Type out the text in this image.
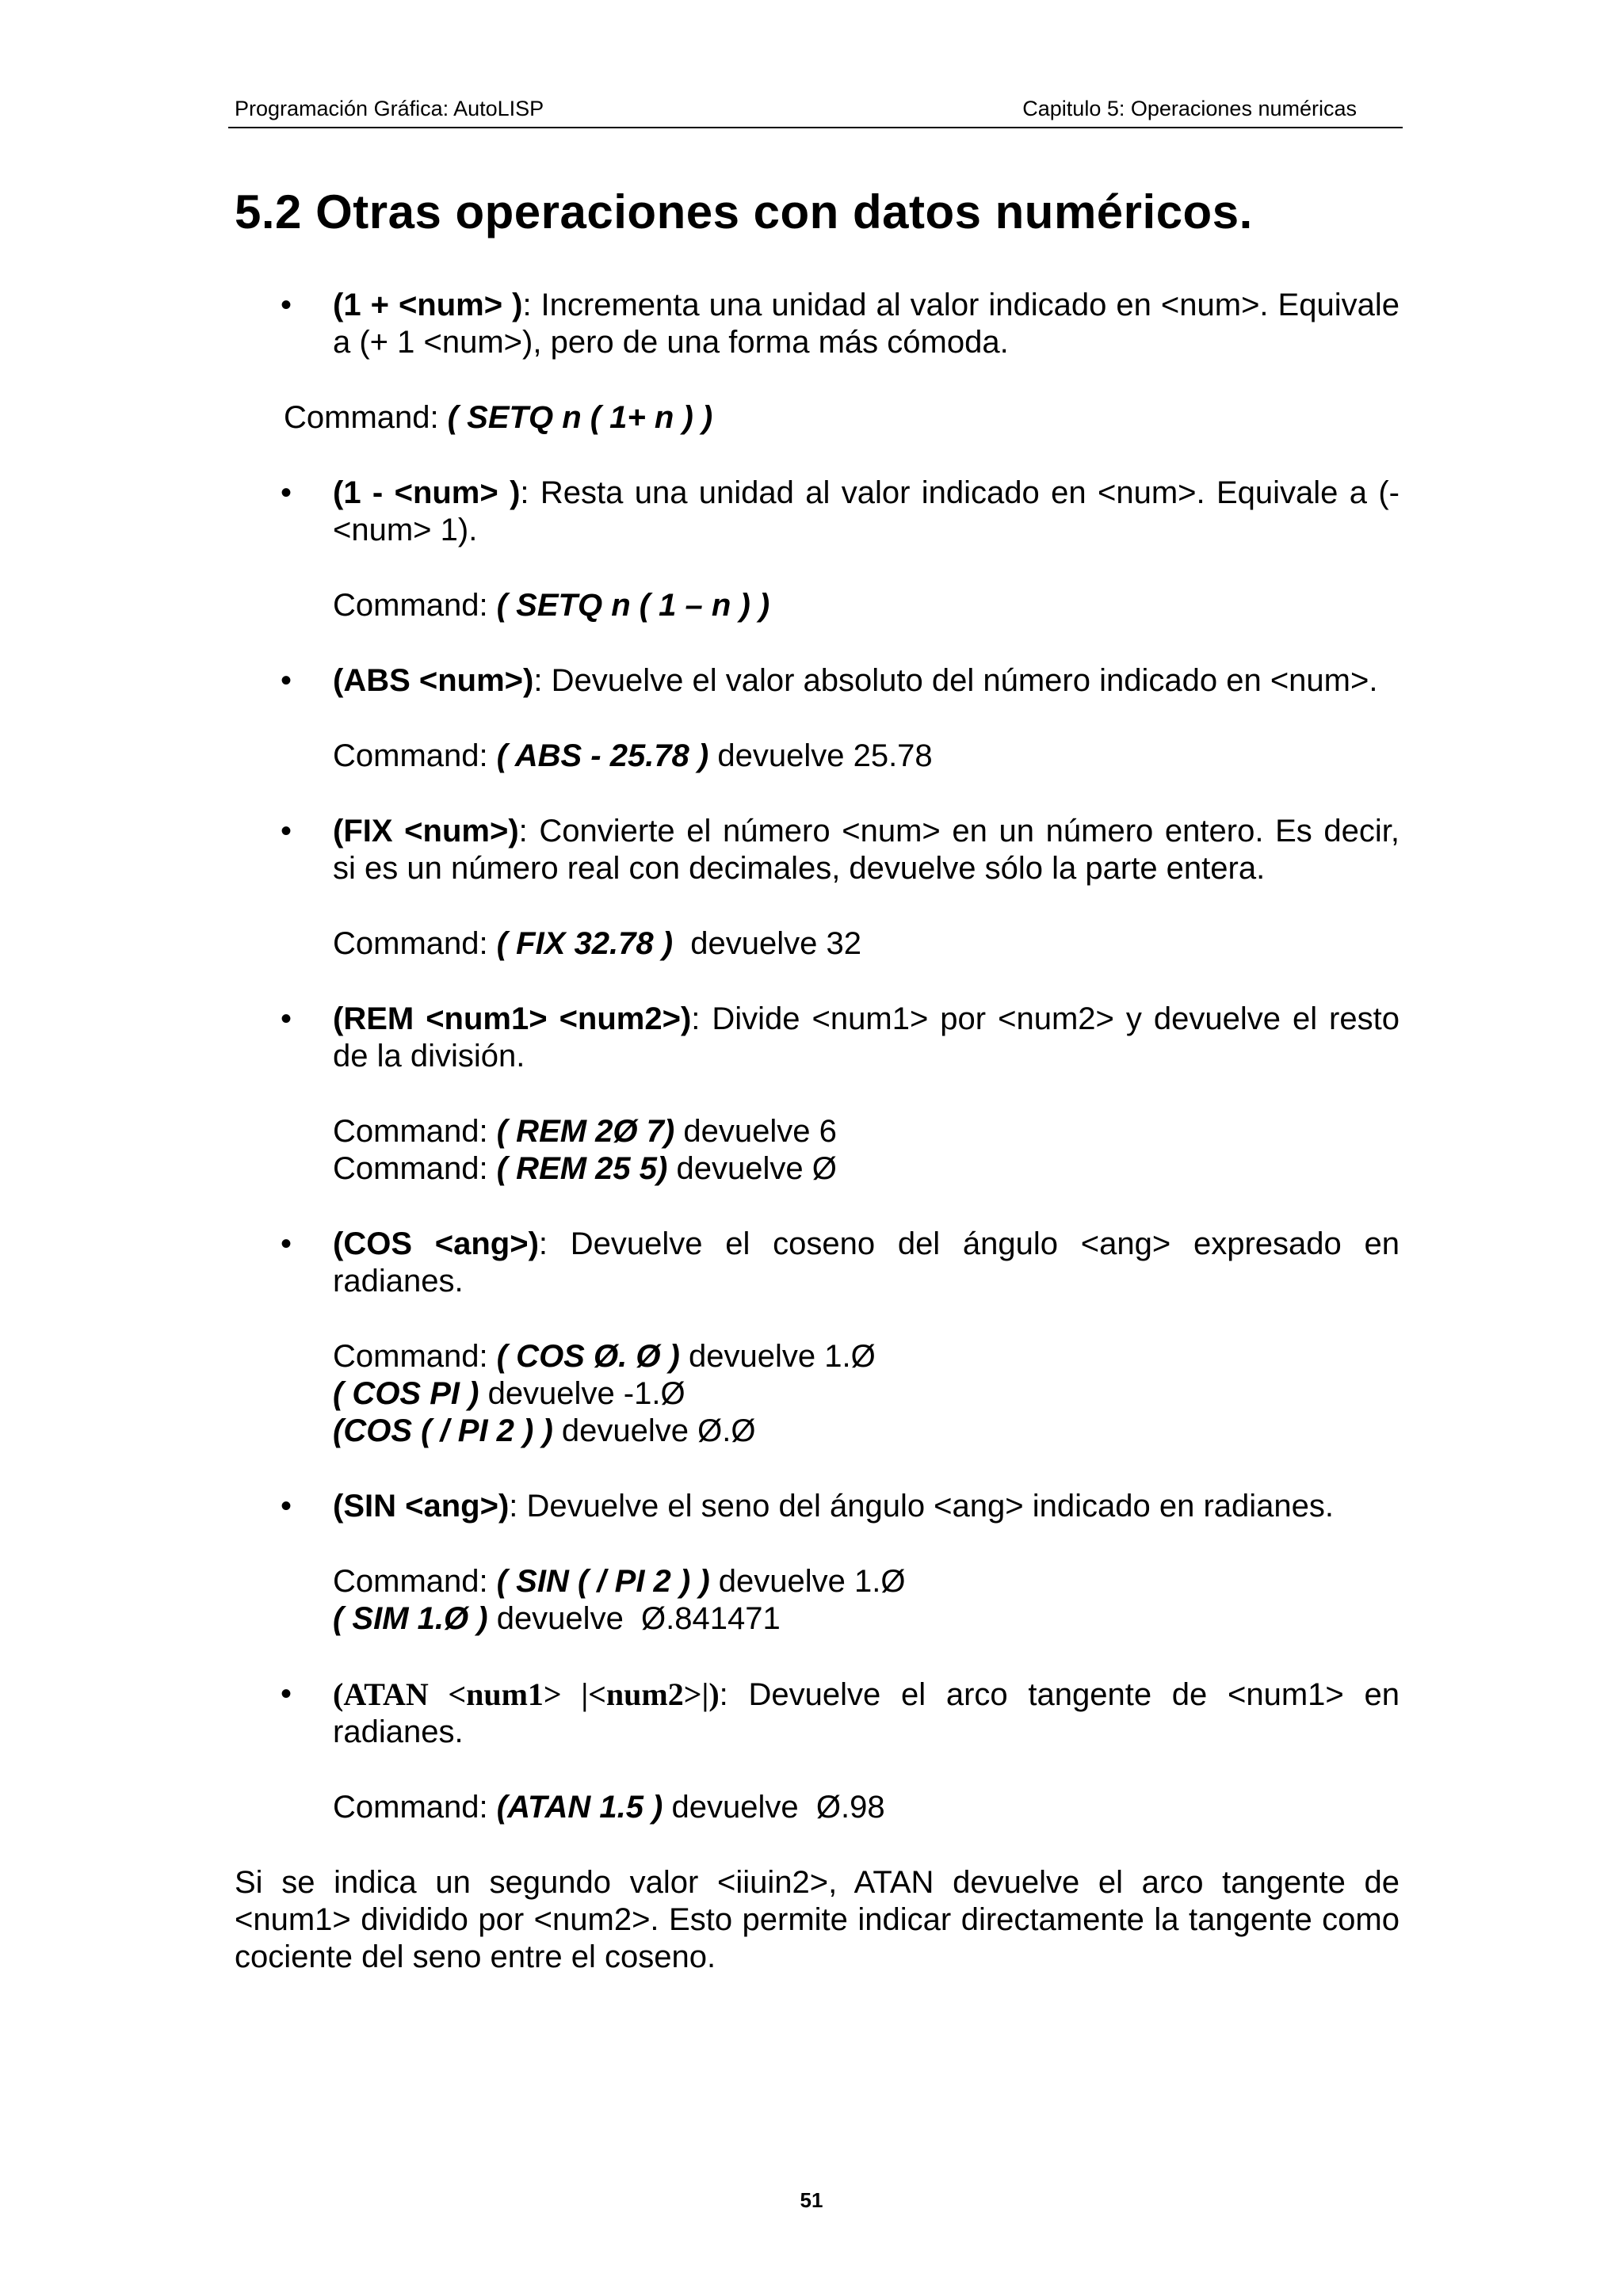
Programación Gráfica: AutoLISP	Capitulo 5: Operaciones numéricas
5.2 Otras operaciones con datos numéricos.
• (1 + <num> ): Incrementa una unidad al valor indicado en <num>. Equivale a (+ 1 <num>), pero de una forma más cómoda.
Command: ( SETQ n ( 1+ n ) )
• (1 - <num> ): Resta una unidad al valor indicado en <num>. Equivale a (- <num> 1).
Command: ( SETQ n ( 1 – n ) )
• (ABS <num>): Devuelve el valor absoluto del número indicado en <num>.
Command: ( ABS - 25.78 ) devuelve 25.78
• (FIX <num>): Convierte el número <num> en un número entero. Es decir, si es un número real con decimales, devuelve sólo la parte entera.
Command: ( FIX 32.78 )  devuelve 32
• (REM <num1> <num2>): Divide <num1> por <num2> y devuelve el resto de la división.
Command: ( REM 2Ø 7) devuelve 6
Command: ( REM 25 5) devuelve Ø
• (COS <ang>): Devuelve el coseno del ángulo <ang> expresado en radianes.
Command: ( COS Ø. Ø ) devuelve 1.Ø
( COS PI ) devuelve -1.Ø
(COS ( / PI 2 ) ) devuelve Ø.Ø
• (SIN <ang>): Devuelve el seno del ángulo <ang> indicado en radianes.
Command: ( SIN ( / PI 2 ) ) devuelve 1.Ø
( SIM 1.Ø ) devuelve  Ø.841471
• (ATAN <num1> |<num2>|): Devuelve el arco tangente de <num1> en radianes.
Command: (ATAN 1.5 ) devuelve  Ø.98

Si se indica un segundo valor <iiuin2>, ATAN devuelve el arco tangente de <num1> dividido por <num2>. Esto permite indicar directamente la tangente como cociente del seno entre el coseno.

51
